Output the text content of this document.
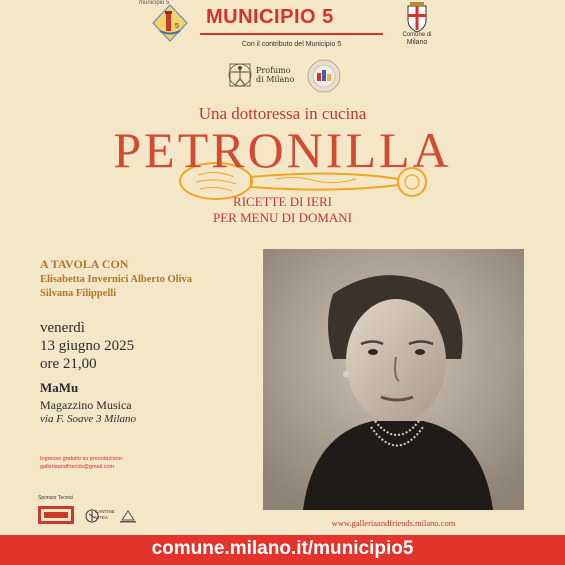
5
municipio 5
MUNICIPIO 5
Con il contributo del Municipio 5
Comune di
Milano
Profumo
di Milano
Una dottoressa in cucina
PETRONILLA
RICETTE DI IERI
PER MENU DI DOMANI
A TAVOLA CON
Elisabetta Invernici Alberto Oliva
Silvana Filippelli
venerdì
13 giugno 2025
ore 21,00
MaMu
Magazzino Musica
via F. Soave 3 Milano
Ingresso gratuito su prenotazione:
galleriaandfriends@gmail.com
Sponsor Tecnici
CANTINE
VITEA
www.galleriaandfriends.milano.com
comune.milano.it/municipio5
